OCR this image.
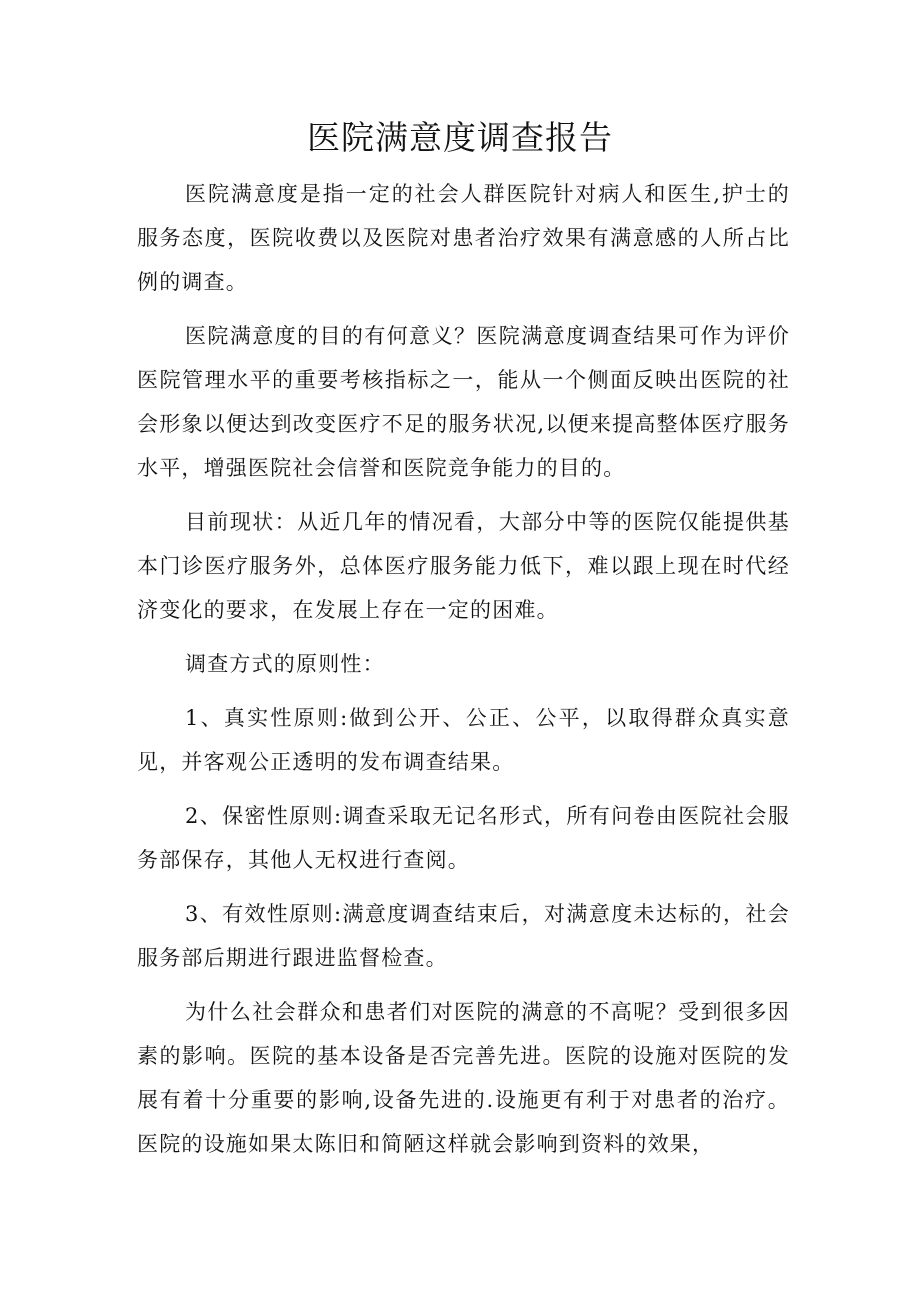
医院满意度调查报告

医院满意度是指一定的社会人群医院针对病人和医生,护士的服务态度，医院收费以及医院对患者治疗效果有满意感的人所占比例的调查。

医院满意度的目的有何意义？医院满意度调查结果可作为评价医院管理水平的重要考核指标之一，能从一个侧面反映出医院的社会形象以便达到改变医疗不足的服务状况,以便来提高整体医疗服务水平，增强医院社会信誉和医院竞争能力的目的。

目前现状：从近几年的情况看，大部分中等的医院仅能提供基本门诊医疗服务外，总体医疗服务能力低下，难以跟上现在时代经济变化的要求，在发展上存在一定的困难。

调查方式的原则性：

1、真实性原则:做到公开、公正、公平，以取得群众真实意见，并客观公正透明的发布调查结果。

2、保密性原则:调查采取无记名形式，所有问卷由医院社会服务部保存，其他人无权进行查阅。

3、有效性原则:满意度调查结束后，对满意度未达标的，社会服务部后期进行跟进监督检查。

为什么社会群众和患者们对医院的满意的不高呢？受到很多因素的影响。医院的基本设备是否完善先进。医院的设施对医院的发展有着十分重要的影响,设备先进的.设施更有利于对患者的治疗。医院的设施如果太陈旧和简陋这样就会影响到资料的效果，
